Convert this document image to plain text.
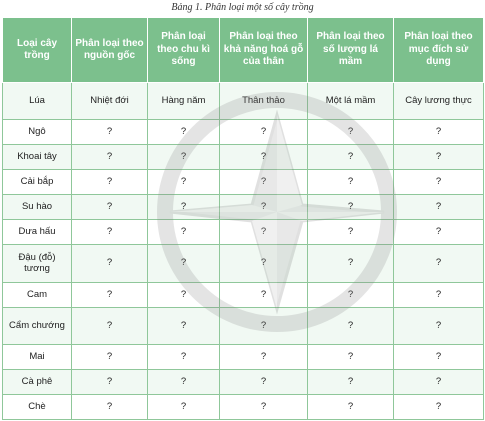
Bảng 1. Phân loại một số cây trồng
Loại cây trồng	Phân loại theo nguồn gốc	Phân loại theo chu kì sống	Phân loại theo khả năng hoá gỗ của thân	Phân loại theo số lượng lá mầm	Phân loại theo mục đích sử dụng
Lúa	Nhiệt đới	Hàng năm	Thân thảo	Một lá mầm	Cây lương thực
Ngô	?	?	?	?	?
Khoai tây	?	?	?	?	?
Cải bắp	?	?	?	?	?
Su hào	?	?	?	?	?
Dưa hấu	?	?	?	?	?
Đậu (đỗ) tương	?	?	?	?	?
Cam	?	?	?	?	?
Cẩm chướng	?	?	?	?	?
Mai	?	?	?	?	?
Cà phê	?	?	?	?	?
Chè	?	?	?	?	?
